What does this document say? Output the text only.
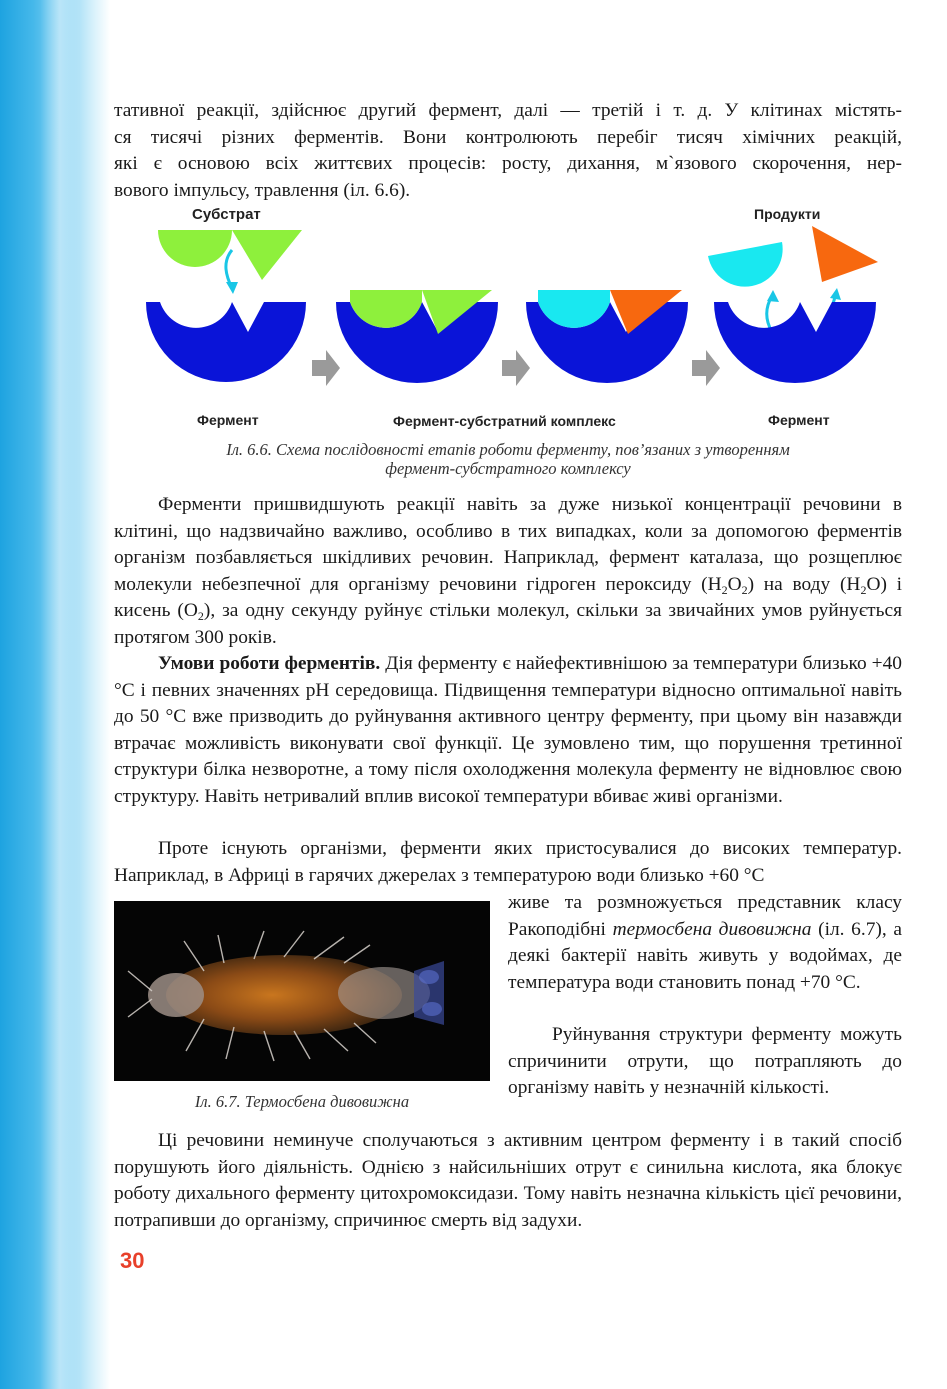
тативної реакції, здійснює другий фермент, далі — третій і т. д. У клітинах містять-
ся тисячі різних ферментів. Вони контролюють перебіг тисяч хімічних реакцій,
які є основою всіх життєвих процесів: росту, дихання, м`язового скорочення, нер-
вового імпульсу, травлення (іл. 6.6).
Субстрат	Продукти
Фермент	Фермент-субстратний комплекс	Фермент
Іл. 6.6. Схема послідовності етапів роботи ферменту, пов’язаних з утворенням
фермент-субстратного комплексу
Ферменти пришвидшують реакції навіть за дуже низької концентрації речовини в клітині, що надзвичайно важливо, особливо в тих випадках, коли за допомогою ферментів організм позбавляється шкідливих речовин. Наприклад, фермент каталаза, що розщеплює молекули небезпечної для організму речовини гідроген пероксиду $(H_2O_2)$ на воду $(H_2O)$ і кисень $(O_2)$, за одну секунду руйнує стільки молекул, скільки за звичайних умов руйнується протягом 300 років.
Умови роботи ферментів. Дія ферменту є найефективнішою за температури близько +40 °C і певних значеннях pH середовища. Підвищення температури відносно оптимальної навіть до 50 °C вже призводить до руйнування активного центру ферменту, при цьому він назавжди втрачає можливість виконувати свої функції. Це зумовлено тим, що порушення третинної структури білка незворотне, а тому після охолодження молекула ферменту не відновлює свою структуру. Навіть нетривалий вплив високої температури вбиває живі організми.
Проте існують організми, ферменти яких пристосувалися до високих температур. Наприклад, в Африці в гарячих джерелах з температурою води близько +60 °C
Іл. 6.7. Термосбена дивовижна
живе та розмножується представник класу Ракоподібні термосбена дивовижна (іл. 6.7), а деякі бактерії навіть живуть у водоймах, де температура води становить понад +70 °C.
Руйнування структури ферменту можуть спричинити отрути, що потрапляють до організму навіть у незначній кількості.
Ці речовини неминуче сполучаються з активним центром ферменту і в такий спосіб порушують його діяльність. Однією з найсильніших отрут є синильна кислота, яка блокує роботу дихального ферменту цитохромоксидази. Тому навіть незначна кількість цієї речовини, потрапивши до організму, спричинює смерть від задухи.
30
